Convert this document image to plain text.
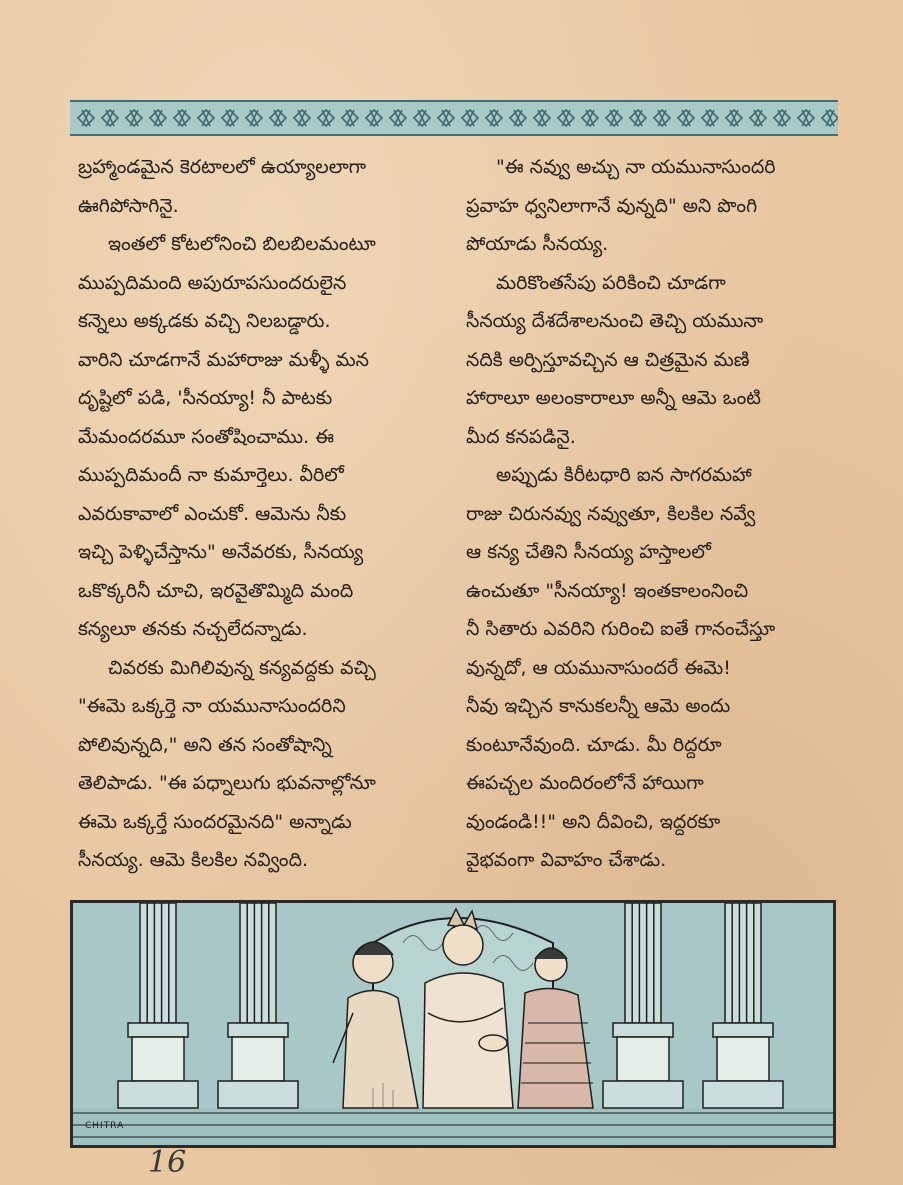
బ్రహ్మాండమైన కెరటాలలో ఉయ్యాలలాగా
ఊగిపోసాగినై.
ఇంతలో కోటలోనించి బిలబిలమంటూ
ముప్పదిమంది అపురూపసుందరులైన
కన్నెలు అక్కడకు వచ్చి నిలబడ్డారు.
వారిని చూడగానే మహారాజు మళ్ళీ మన
దృష్టిలో పడి, 'సీనయ్యా! నీ పాటకు
మేమందరమూ సంతోషించాము. ఈ
ముప్పదిమందీ నా కుమార్తెలు. వీరిలో
ఎవరుకావాలో ఎంచుకో. ఆమెను నీకు
ఇచ్చి పెళ్ళిచేస్తాను" అనేవరకు, సీనయ్య
ఒకొక్కరినీ చూచి, ఇరవైతొమ్మిది మంది
కన్యలూ తనకు నచ్చలేదన్నాడు.
చివరకు మిగిలివున్న కన్యవద్దకు వచ్చి
"ఈమె ఒక్కర్తె నా యమునాసుందరిని
పోలివున్నది," అని తన సంతోషాన్ని
తెలిపాడు. "ఈ పధ్నాలుగు భువనాల్లోనూ
ఈమె ఒక్కర్తే సుందరమైనది" అన్నాడు
సీనయ్య. ఆమె కిలకిల నవ్వింది.
"ఈ నవ్వు అచ్చు నా యమునాసుందరి
ప్రవాహ ధ్వనిలాగానే వున్నది" అని పొంగి
పోయాడు సీనయ్య.
మరికొంతసేపు పరికించి చూడగా
సీనయ్య దేశదేశాలనుంచి తెచ్చి యమునా
నదికి అర్పిస్తూవచ్చిన ఆ చిత్రమైన మణి
హారాలూ అలంకారాలూ అన్నీ ఆమె ఒంటి
మీద కనపడినై.
అప్పుడు కిరీటధారి ఐన సాగరమహా
రాజు చిరునవ్వు నవ్వుతూ, కిలకిల నవ్వే
ఆ కన్య చేతిని సీనయ్య హస్తాలలో
ఉంచుతూ "సీనయ్యా! ఇంతకాలంనించి
నీ సితారు ఎవరిని గురించి ఐతే గానంచేస్తూ
వున్నదో, ఆ యమునాసుందరే ఈమె!
నీవు ఇచ్చిన కానుకలన్నీ ఆమె అందు
కుంటూనేవుంది. చూడు. మీ రిద్దరూ
ఈపచ్చల మందిరంలోనే హాయిగా
వుండండి!!" అని దీవించి, ఇద్దరకూ
వైభవంగా వివాహం చేశాడు.
CHITRA
16
